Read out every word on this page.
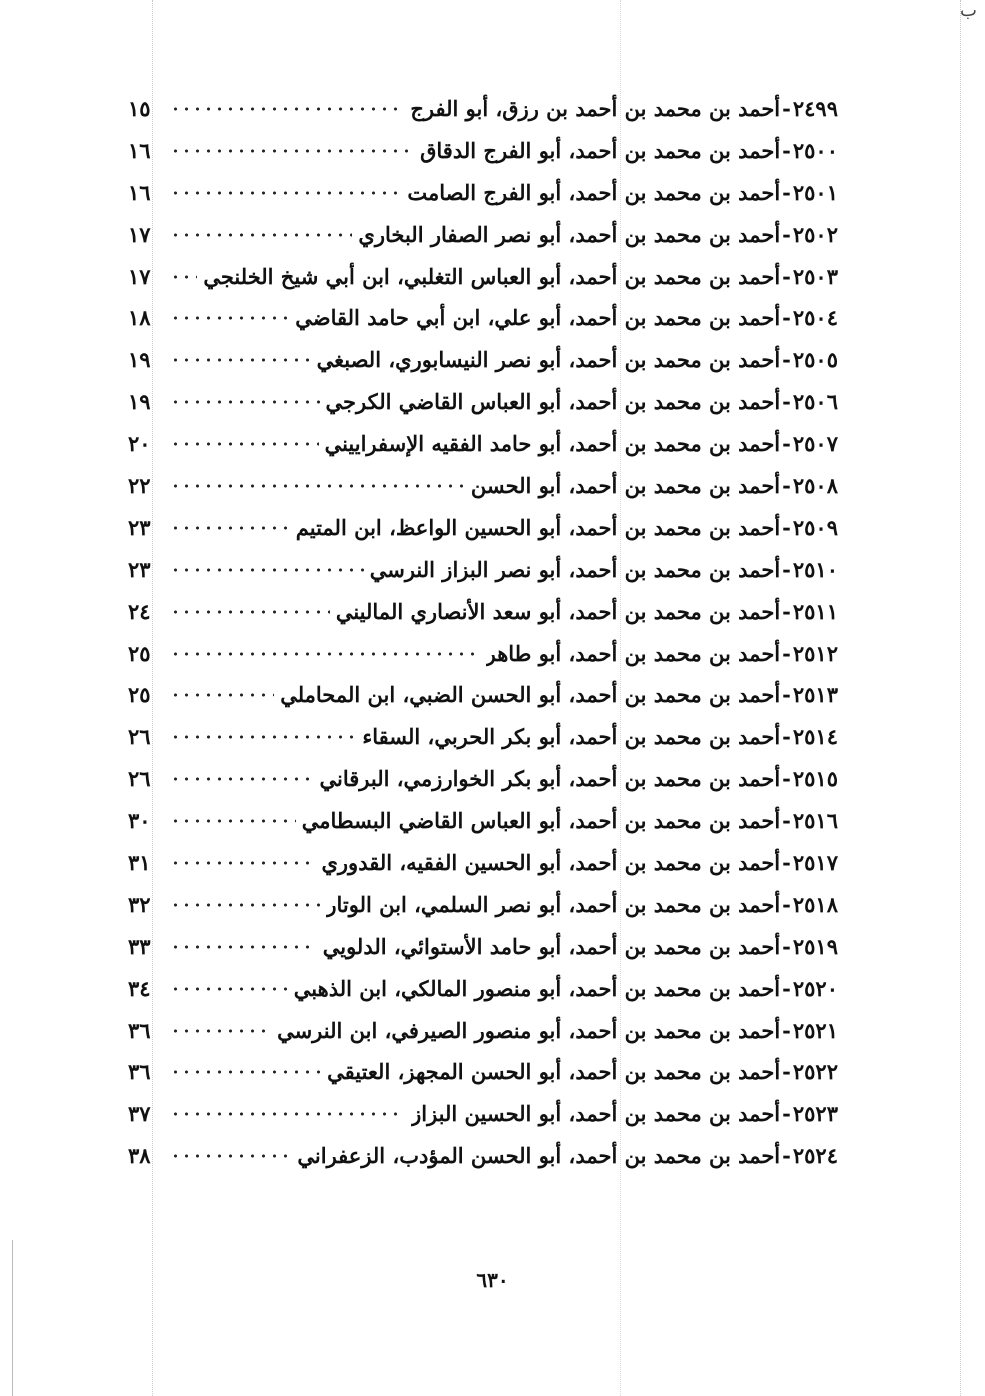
ب
٢٤٩٩
-
أحمد بن محمد بن أحمد بن رزق، أبو الفرج
١٥
٢٥٠٠
-
أحمد بن محمد بن أحمد، أبو الفرج الدقاق
١٦
٢٥٠١
-
أحمد بن محمد بن أحمد، أبو الفرج الصامت
١٦
٢٥٠٢
-
أحمد بن محمد بن أحمد، أبو نصر الصفار البخاري
١٧
٢٥٠٣
-
أحمد بن محمد بن أحمد، أبو العباس التغلبي، ابن أبي شيخ الخلنجي
١٧
٢٥٠٤
-
أحمد بن محمد بن أحمد، أبو علي، ابن أبي حامد القاضي
١٨
٢٥٠٥
-
أحمد بن محمد بن أحمد، أبو نصر النيسابوري، الصبغي
١٩
٢٥٠٦
-
أحمد بن محمد بن أحمد، أبو العباس القاضي الكرجي
١٩
٢٥٠٧
-
أحمد بن محمد بن أحمد، أبو حامد الفقيه الإسفراييني
٢٠
٢٥٠٨
-
أحمد بن محمد بن أحمد، أبو الحسن
٢٢
٢٥٠٩
-
أحمد بن محمد بن أحمد، أبو الحسين الواعظ، ابن المتيم
٢٣
٢٥١٠
-
أحمد بن محمد بن أحمد، أبو نصر البزاز النرسي
٢٣
٢٥١١
-
أحمد بن محمد بن أحمد، أبو سعد الأنصاري الماليني
٢٤
٢٥١٢
-
أحمد بن محمد بن أحمد، أبو طاهر
٢٥
٢٥١٣
-
أحمد بن محمد بن أحمد، أبو الحسن الضبي، ابن المحاملي
٢٥
٢٥١٤
-
أحمد بن محمد بن أحمد، أبو بكر الحربي، السقاء
٢٦
٢٥١٥
-
أحمد بن محمد بن أحمد، أبو بكر الخوارزمي، البرقاني
٢٦
٢٥١٦
-
أحمد بن محمد بن أحمد، أبو العباس القاضي البسطامي
٣٠
٢٥١٧
-
أحمد بن محمد بن أحمد، أبو الحسين الفقيه، القدوري
٣١
٢٥١٨
-
أحمد بن محمد بن أحمد، أبو نصر السلمي، ابن الوتار
٣٢
٢٥١٩
-
أحمد بن محمد بن أحمد، أبو حامد الأستوائي، الدلويي
٣٣
٢٥٢٠
-
أحمد بن محمد بن أحمد، أبو منصور المالكي، ابن الذهبي
٣٤
٢٥٢١
-
أحمد بن محمد بن أحمد، أبو منصور الصيرفي، ابن النرسي
٣٦
٢٥٢٢
-
أحمد بن محمد بن أحمد، أبو الحسن المجهز، العتيقي
٣٦
٢٥٢٣
-
أحمد بن محمد بن أحمد، أبو الحسين البزاز
٣٧
٢٥٢٤
-
أحمد بن محمد بن أحمد، أبو الحسن المؤدب، الزعفراني
٣٨
٦٣٠
